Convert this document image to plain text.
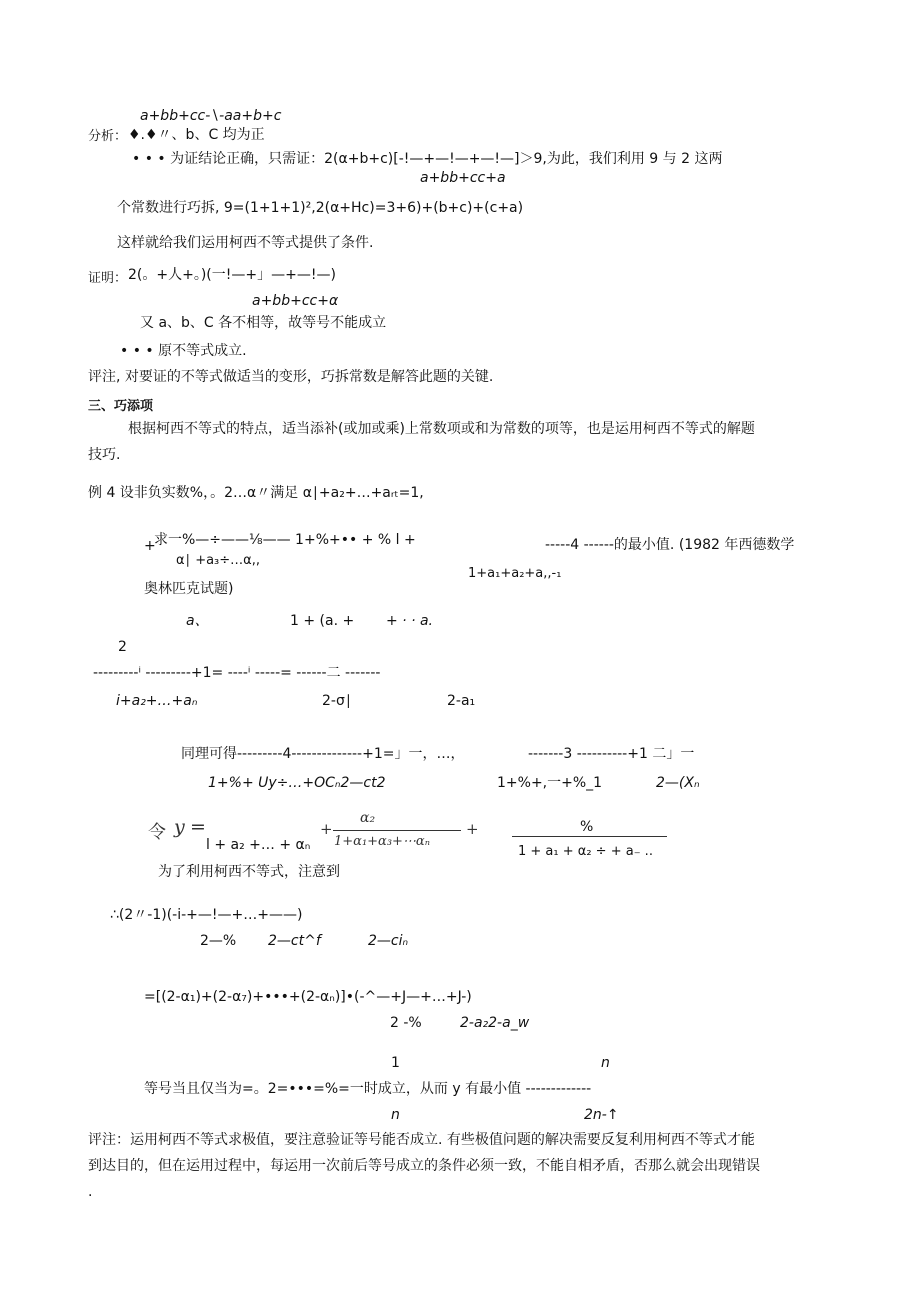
a+bb+cc-∖-aa+b+c
分析： ♦.♦〃、b、C 均为正
• • • 为证结论正确，只需证：2(α+b+c)[-!—+—!—+—!—]＞9,为此，我们利用 9 与 2 这两
a+bb+cc+a
个常数进行巧拆, 9=(1+1+1)²,2(α+Hc)=3+6)+(b+c)+(c+a)
这样就给我们运用柯西不等式提供了条件.
证明： 2(。+人+。)(一!—+」—+—!—)
a+bb+cc+α
又 a、b、C 各不相等，故等号不能成立
• • • 原不等式成立.
评注, 对要证的不等式做适当的变形，巧拆常数是解答此题的关键.
三、巧添项
根据柯西不等式的特点，适当添补(或加或乘)上常数项或和为常数的项等，也是运用柯西不等式的解题
技巧.
例 4 设非负实数%，。2…α〃满足 α∣+a₂+…+aᵣₜ=1,
+
求一%—÷——⅛—— 1+%+•• + % l +	-----4 ------的最小值. (1982 年西德数学
α∣ +a₃÷…α,,
1+a₁+a₂+a,,-₁
奥林匹克试题)
a、	1 + (a. + + · · a.
2
---------ⁱ ---------+1= ----ⁱ -----= ------二 -------
i+a₂+…+aₙ	2-σ∣	2-a₁
同理可得---------4--------------+1=」一，…，	-------3 ----------+1 二」一
1+%+ Uy÷…+OCₙ2—ct2	1+%+,一+%_1	2—(Xₙ
令 y =	+
α₂
1+α₁+α₃+⋯αₙ
+
l + a₂ +… + αₙ
%
1 + a₁ + α₂ ÷ + a₋ ..
为了利用柯西不等式，注意到
∴(2〃-1)(-i-+—!—+…+——)
2—% 2—ct^f	2—ciₙ
=[(2-α₁)+(2-α₇)+•••+(2-αₙ)]•(-^—+J—+…+J-)
2 -%	2-a₂2-a_w
1	n
等号当且仅当为=。2=•••=%=一时成立，从而 y 有最小值 -------------
n	2n-↑
评注：运用柯西不等式求极值，要注意验证等号能否成立. 有些极值问题的解决需要反复利用柯西不等式才能
到达目的，但在运用过程中，每运用一次前后等号成立的条件必须一致，不能自相矛盾，否那么就会出现错误
.
